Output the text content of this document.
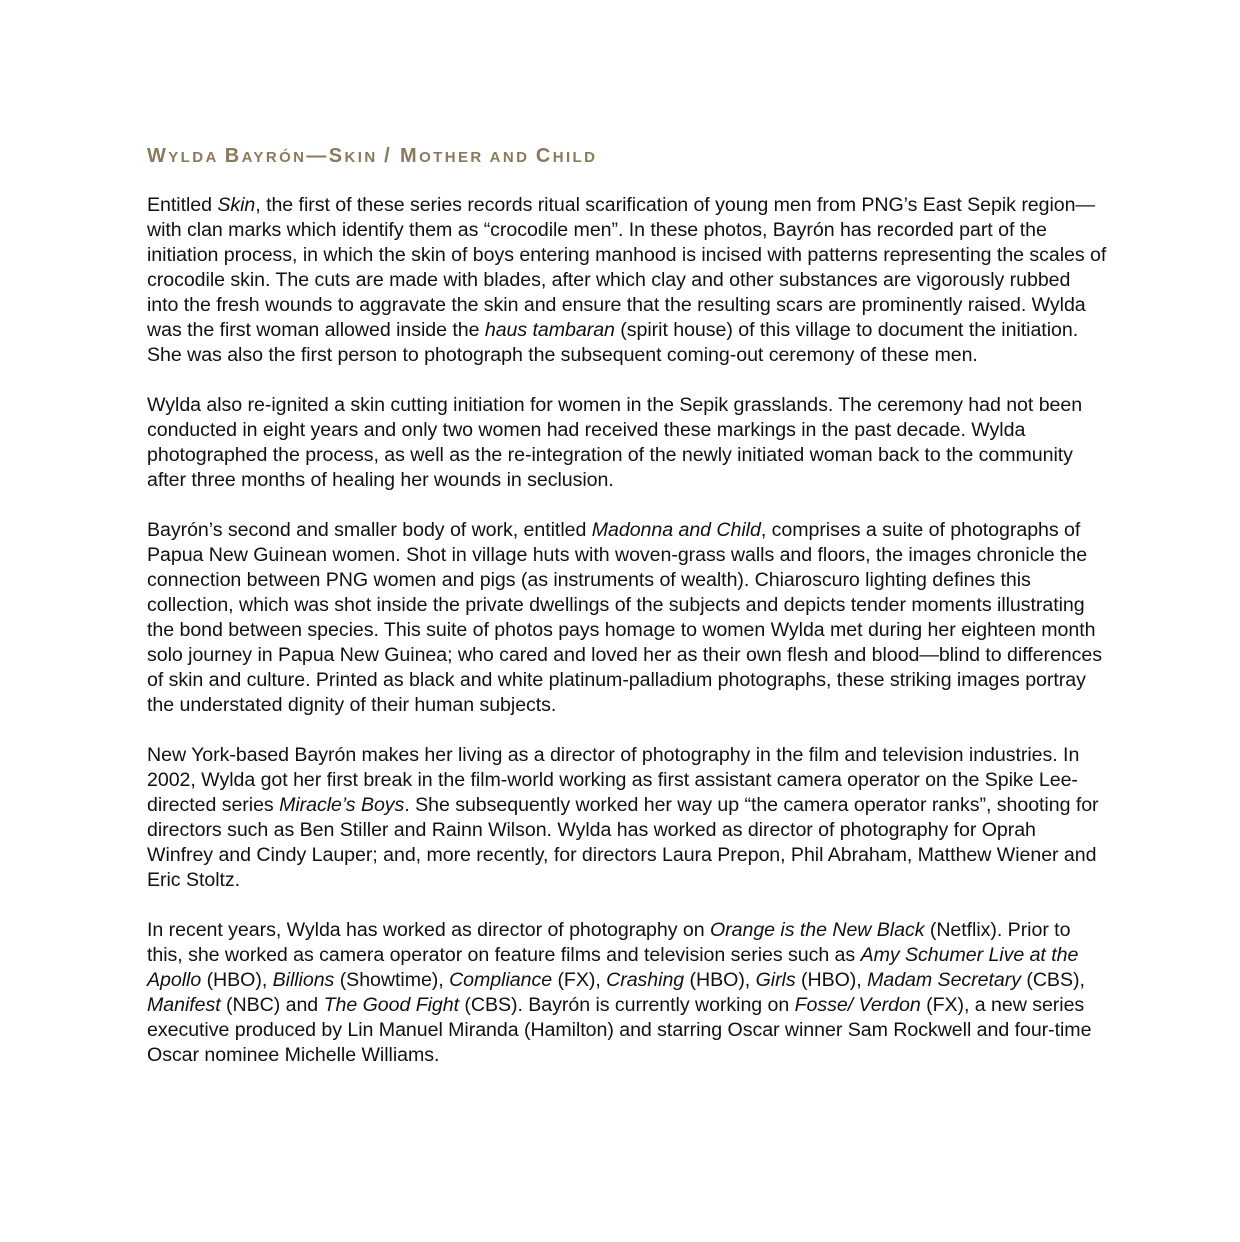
WYLDA BAYRÓN—SKIN / MOTHER AND CHILD

Entitled Skin, the first of these series records ritual scarification of young men from PNG’s East Sepik region—with clan marks which identify them as “crocodile men”. In these photos, Bayrón has recorded part of the initiation process, in which the skin of boys entering manhood is incised with patterns representing the scales of crocodile skin. The cuts are made with blades, after which clay and other substances are vigorously rubbed into the fresh wounds to aggravate the skin and ensure that the resulting scars are prominently raised. Wylda was the first woman allowed inside the haus tambaran (spirit house) of this village to document the initiation. She was also the first person to photograph the subsequent coming-out ceremony of these men.

Wylda also re-ignited a skin cutting initiation for women in the Sepik grasslands. The ceremony had not been conducted in eight years and only two women had received these markings in the past decade. Wylda photographed the process, as well as the re-integration of the newly initiated woman back to the community after three months of healing her wounds in seclusion.

Bayrón’s second and smaller body of work, entitled Madonna and Child, comprises a suite of photographs of Papua New Guinean women. Shot in village huts with woven-grass walls and floors, the images chronicle the connection between PNG women and pigs (as instruments of wealth). Chiaroscuro lighting defines this collection, which was shot inside the private dwellings of the subjects and depicts tender moments illustrating the bond between species. This suite of photos pays homage to women Wylda met during her eighteen month solo journey in Papua New Guinea; who cared and loved her as their own flesh and blood—blind to differences of skin and culture. Printed as black and white platinum-palladium photographs, these striking images portray the understated dignity of their human subjects.

New York-based Bayrón makes her living as a director of photography in the film and television industries. In 2002, Wylda got her first break in the film-world working as first assistant camera operator on the Spike Lee-directed series Miracle’s Boys. She subsequently worked her way up “the camera operator ranks”, shooting for directors such as Ben Stiller and Rainn Wilson. Wylda has worked as director of photography for Oprah Winfrey and Cindy Lauper; and, more recently, for directors Laura Prepon, Phil Abraham, Matthew Wiener and Eric Stoltz.

In recent years, Wylda has worked as director of photography on Orange is the New Black (Netflix). Prior to this, she worked as camera operator on feature films and television series such as Amy Schumer Live at the Apollo (HBO), Billions (Showtime), Compliance (FX), Crashing (HBO), Girls (HBO), Madam Secretary (CBS), Manifest (NBC) and The Good Fight (CBS). Bayrón is currently working on Fosse/ Verdon (FX), a new series executive produced by Lin Manuel Miranda (Hamilton) and starring Oscar winner Sam Rockwell and four-time Oscar nominee Michelle Williams.
